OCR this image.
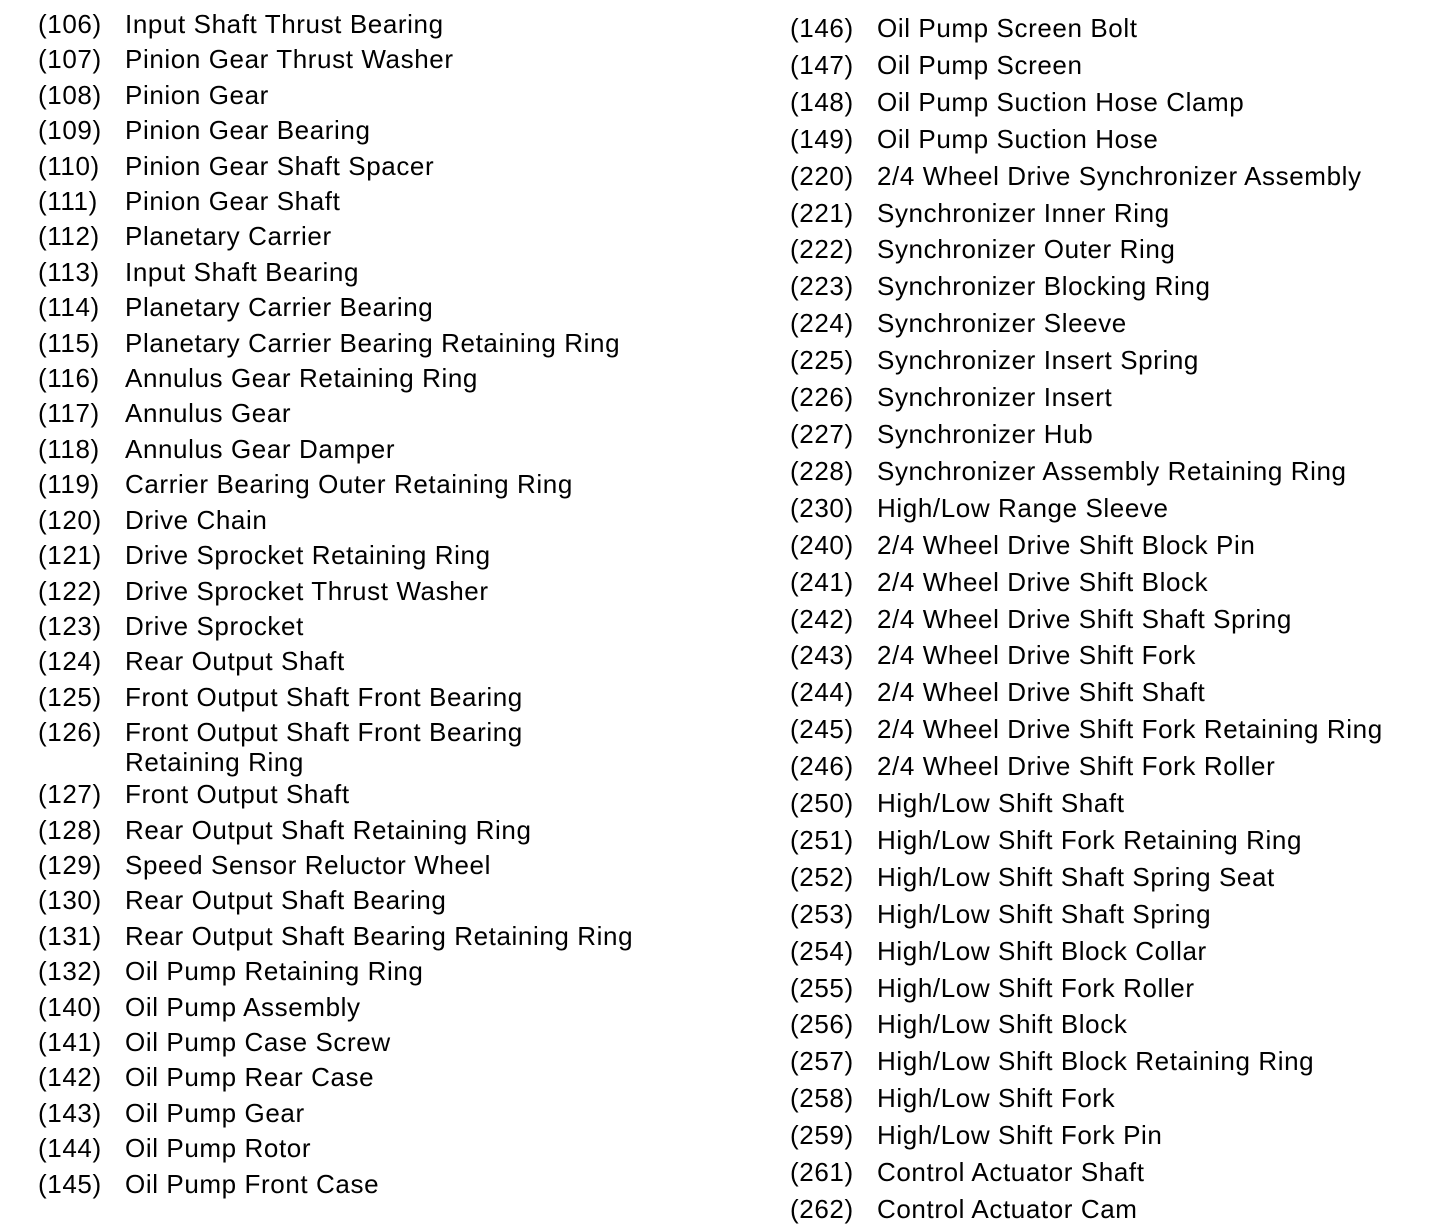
(106) Input Shaft Thrust Bearing
(107) Pinion Gear Thrust Washer
(108) Pinion Gear
(109) Pinion Gear Bearing
(110) Pinion Gear Shaft Spacer
(111)	Pinion Gear Shaft
(112) Planetary Carrier
(113) Input Shaft Bearing
(114) Planetary Carrier Bearing
(115) Planetary Carrier Bearing Retaining Ring
(116) Annulus Gear Retaining Ring
(117) Annulus Gear
(118) Annulus Gear Damper
(119) Carrier Bearing Outer Retaining Ring
(120) Drive Chain
(121) Drive Sprocket Retaining Ring
(122) Drive Sprocket Thrust Washer
(123) Drive Sprocket
(124) Rear Output Shaft
(125) Front Output Shaft Front Bearing
(126) Front Output Shaft Front Bearing
Retaining Ring
(127) Front Output Shaft
(128) Rear Output Shaft Retaining Ring
(129) Speed Sensor Reluctor Wheel
(130) Rear Output Shaft Bearing
(131) Rear Output Shaft Bearing Retaining Ring
(132) Oil Pump Retaining Ring
(140) Oil Pump Assembly
(141) Oil Pump Case Screw
(142) Oil Pump Rear Case
(143) Oil Pump Gear
(144) Oil Pump Rotor
(145) Oil Pump Front Case
(146) Oil Pump Screen Bolt
(147) Oil Pump Screen
(148) Oil Pump Suction Hose Clamp
(149) Oil Pump Suction Hose
(220) 2/4 Wheel Drive Synchronizer Assembly
(221) Synchronizer Inner Ring
(222) Synchronizer Outer Ring
(223) Synchronizer Blocking Ring
(224) Synchronizer Sleeve
(225) Synchronizer Insert Spring
(226) Synchronizer Insert
(227) Synchronizer Hub
(228) Synchronizer Assembly Retaining Ring
(230) High/Low Range Sleeve
(240) 2/4 Wheel Drive Shift Block Pin
(241) 2/4 Wheel Drive Shift Block
(242) 2/4 Wheel Drive Shift Shaft Spring
(243) 2/4 Wheel Drive Shift Fork
(244) 2/4 Wheel Drive Shift Shaft
(245) 2/4 Wheel Drive Shift Fork Retaining Ring
(246) 2/4 Wheel Drive Shift Fork Roller
(250) High/Low Shift Shaft
(251) High/Low Shift Fork Retaining Ring
(252) High/Low Shift Shaft Spring Seat
(253) High/Low Shift Shaft Spring
(254) High/Low Shift Block Collar
(255) High/Low Shift Fork Roller
(256) High/Low Shift Block
(257) High/Low Shift Block Retaining Ring
(258) High/Low Shift Fork
(259) High/Low Shift Fork Pin
(261) Control Actuator Shaft
(262) Control Actuator Cam
